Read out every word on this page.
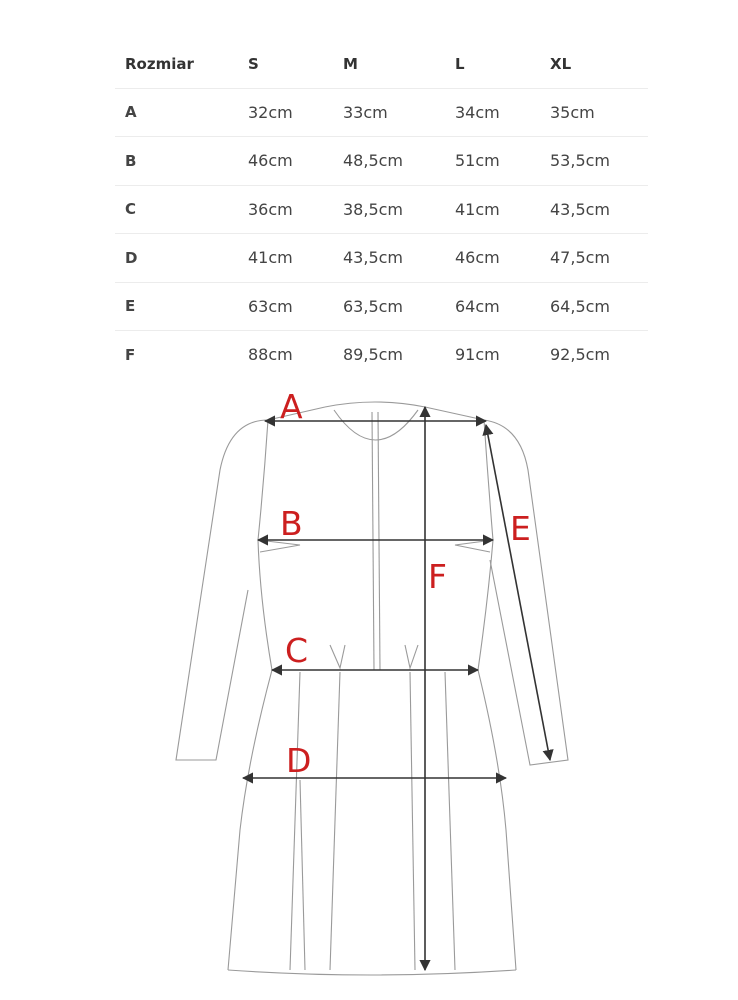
Rozmiar	S	M	L	XL
A	32cm	33cm	34cm	35cm
B	46cm	48,5cm	51cm	53,5cm
C	36cm	38,5cm	41cm	43,5cm
D	41cm	43,5cm	46cm	47,5cm
E	63cm	63,5cm	64cm	64,5cm
F	88cm	89,5cm	91cm	92,5cm
A
B
C
D
E
F
